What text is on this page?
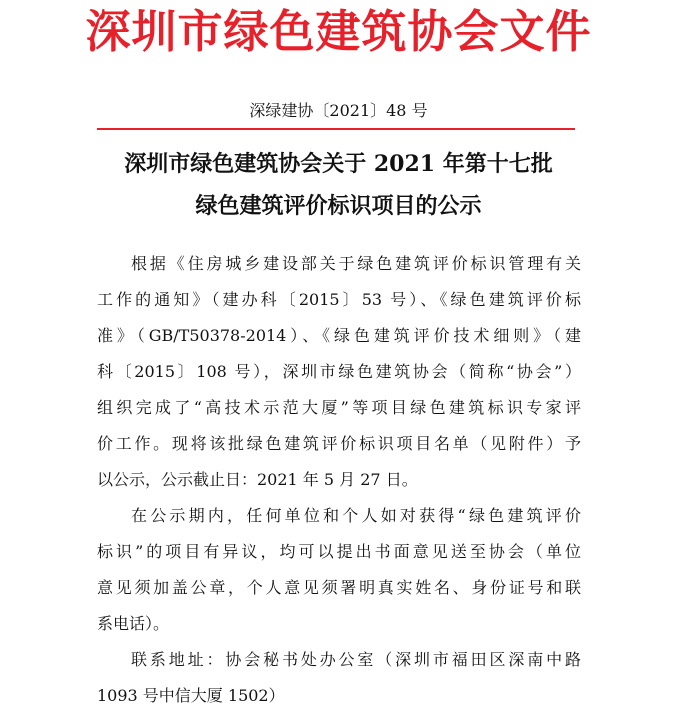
深圳市绿色建筑协会文件
深绿建协〔2021〕48 号
深圳市绿色建筑协会关于 2021 年第十七批
绿色建筑评价标识项目的公示
根据《住房城乡建设部关于绿色建筑评价标识管理有关
工作的通知》（建办科〔2015〕53 号）、《绿色建筑评价标
准》（GB/T50378-2014）、《绿色建筑评价技术细则》（建
科〔2015〕108 号），深圳市绿色建筑协会（简称“协会”）
组织完成了“高技术示范大厦”等项目绿色建筑标识专家评
价工作。现将该批绿色建筑评价标识项目名单（见附件）予
以公示，公示截止日：2021 年 5 月 27 日。
在公示期内，任何单位和个人如对获得“绿色建筑评价
标识”的项目有异议，均可以提出书面意见送至协会（单位
意见须加盖公章，个人意见须署明真实姓名、身份证号和联
系电话）。
联系地址：协会秘书处办公室（深圳市福田区深南中路
1093 号中信大厦 1502）
